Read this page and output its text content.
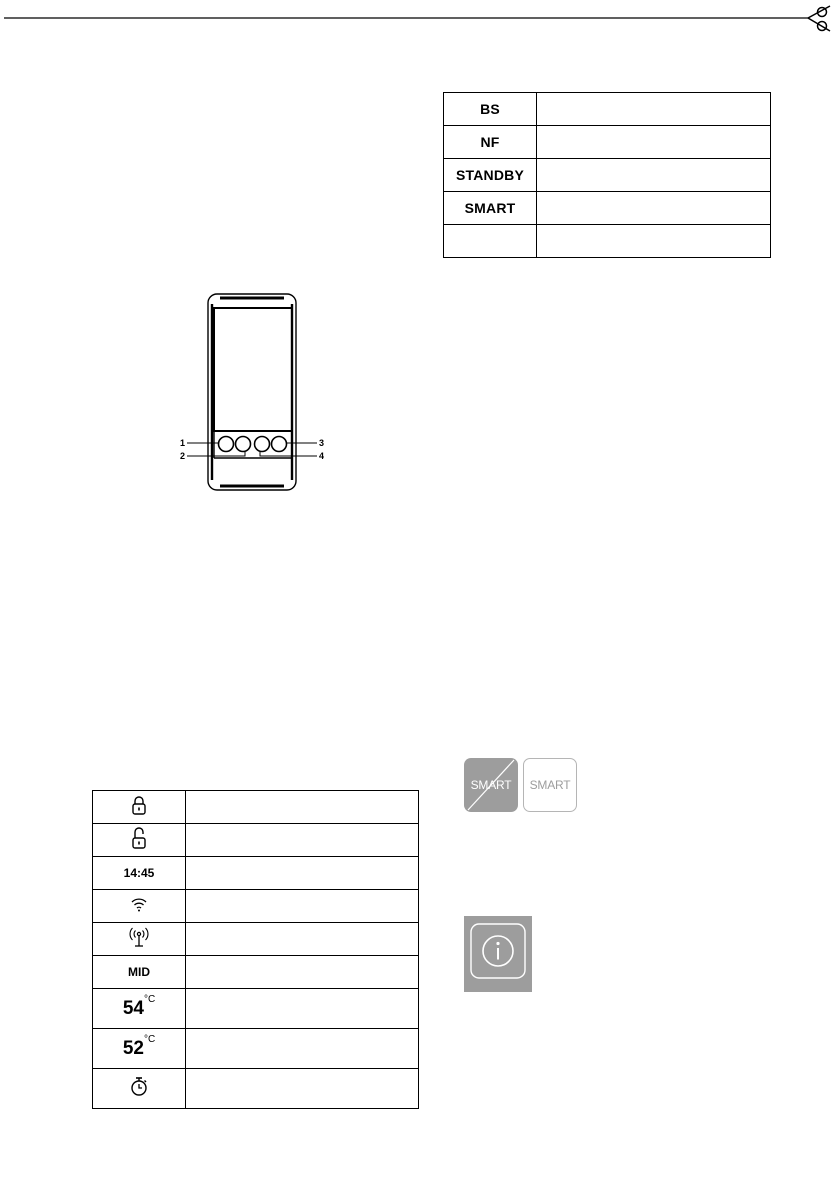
BS	
NF	
STANDBY	
SMART	

1
2
3
4

14:45	

MID	
$54^{^\circ C}$	
$52^{^\circ C}$	

SMART SMART
